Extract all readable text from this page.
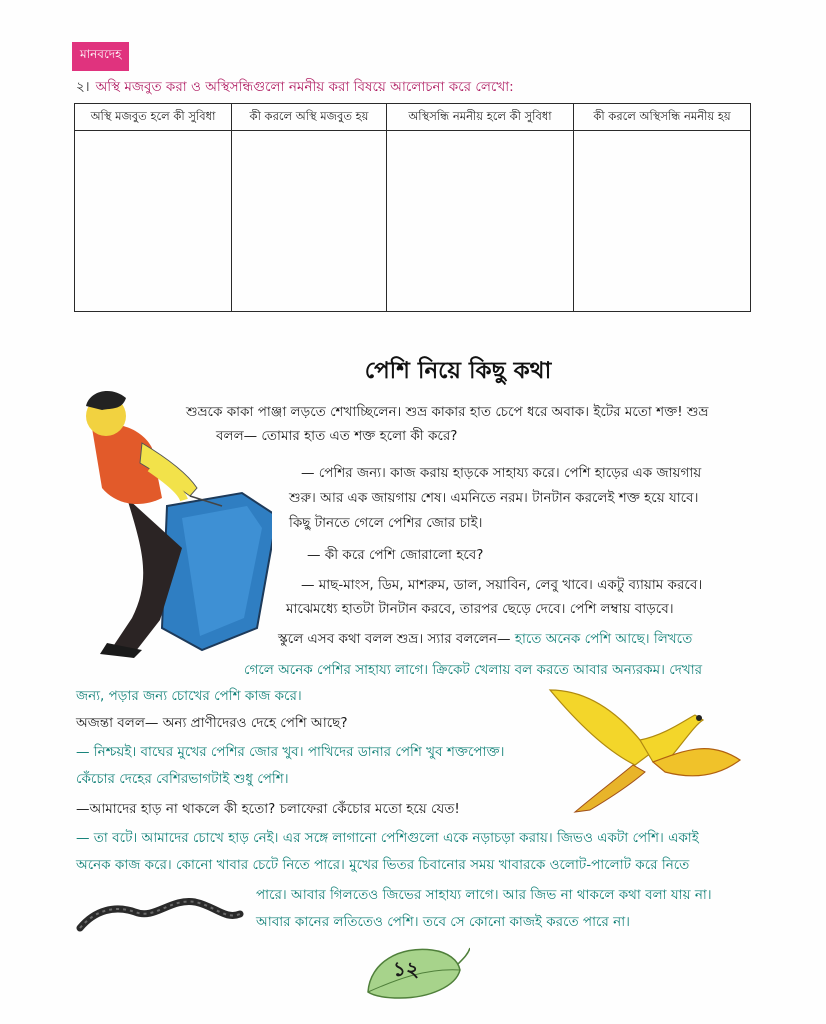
মানবদেহ
২। অস্থি মজবুত করা ও অস্থিসন্ধিগুলো নমনীয় করা বিষয়ে আলোচনা করে লেখো:
অস্থি মজবুত হলে কী সুবিধা	কী করলে অস্থি মজবুত হয়	অস্থিসন্ধি নমনীয় হলে কী সুবিধা	কী করলে অস্থিসন্ধি নমনীয় হয়

পেশি নিয়ে কিছু কথা
শুভ্রকে কাকা পাঞ্জা লড়তে শেখাচ্ছিলেন। শুভ্র কাকার হাত চেপে ধরে অবাক। ইটের মতো শক্ত! শুভ্র
বলল— তোমার হাত এত শক্ত হলো কী করে?
— পেশির জন্য। কাজ করায় হাড়কে সাহায্য করে। পেশি হাড়ের এক জায়গায়
শুরু। আর এক জায়গায় শেষ। এমনিতে নরম। টানটান করলেই শক্ত হয়ে যাবে।
কিছু টানতে গেলে পেশির জোর চাই।
— কী করে পেশি জোরালো হবে?
— মাছ-মাংস, ডিম, মাশরুম, ডাল, সয়াবিন, লেবু খাবে। একটু ব্যায়াম করবে।
মাঝেমধ্যে হাতটা টানটান করবে, তারপর ছেড়ে দেবে। পেশি লম্বায় বাড়বে।
স্কুলে এসব কথা বলল শুভ্র। স্যার বললেন— হাতে অনেক পেশি আছে। লিখতে
গেলে অনেক পেশির সাহায্য লাগে। ক্রিকেট খেলায় বল করতে আবার অন্যরকম। দেখার
জন্য, পড়ার জন্য চোখের পেশি কাজ করে।
অজন্তা বলল— অন্য প্রাণীদেরও দেহে পেশি আছে?
— নিশ্চয়ই। বাঘের মুখের পেশির জোর খুব। পাখিদের ডানার পেশি খুব শক্তপোক্ত।
কেঁচোর দেহের বেশিরভাগটাই শুধু পেশি।
—আমাদের হাড় না থাকলে কী হতো? চলাফেরা কেঁচোর মতো হয়ে যেত!
— তা বটে। আমাদের চোখে হাড় নেই। এর সঙ্গে লাগানো পেশিগুলো একে নড়াচড়া করায়। জিভও একটা পেশি। একাই
অনেক কাজ করে। কোনো খাবার চেটে নিতে পারে। মুখের ভিতর চিবানোর সময় খাবারকে ওলোট-পালোট করে নিতে
পারে। আবার গিলতেও জিভের সাহায্য লাগে। আর জিভ না থাকলে কথা বলা যায় না।
আবার কানের লতিতেও পেশি। তবে সে কোনো কাজই করতে পারে না।
১২
